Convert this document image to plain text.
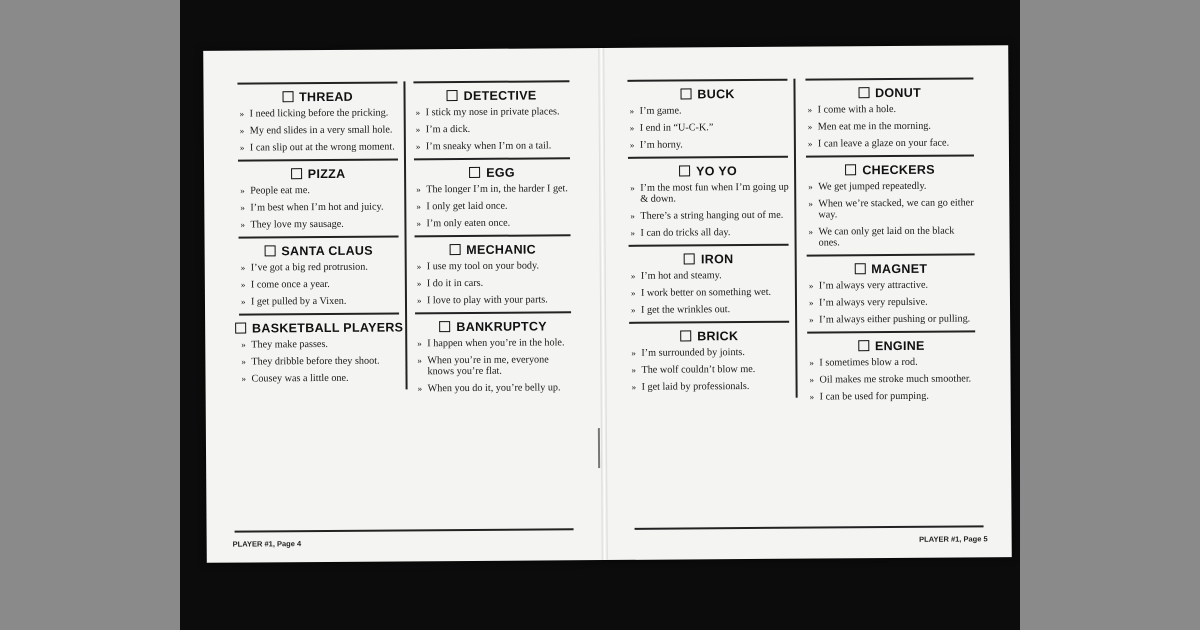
THREAD
» I need licking before the pricking.
» My end slides in a very small hole.
» I can slip out at the wrong moment.
PIZZA
» People eat me.
» I’m best when I’m hot and juicy.
» They love my sausage.
SANTA CLAUS
» I’ve got a big red protrusion.
» I come once a year.
» I get pulled by a Vixen.
BASKETBALL PLAYERS
» They make passes.
» They dribble before they shoot.
» Cousey was a little one.
DETECTIVE
» I stick my nose in private places.
» I’m a dick.
» I’m sneaky when I’m on a tail.
EGG
» The longer I’m in, the harder I get.
» I only get laid once.
» I’m only eaten once.
MECHANIC
» I use my tool on your body.
» I do it in cars.
» I love to play with your parts.
BANKRUPTCY
» I happen when you’re in the hole.
» When you’re in me, everyone knows you’re flat.
» When you do it, you’re belly up.
PLAYER #1, Page 4
BUCK
» I’m game.
» I end in “U-C-K.”
» I’m horny.
YO YO
» I’m the most fun when I’m going up & down.
» There’s a string hanging out of me.
» I can do tricks all day.
IRON
» I’m hot and steamy.
» I work better on something wet.
» I get the wrinkles out.
BRICK
» I’m surrounded by joints.
» The wolf couldn’t blow me.
» I get laid by professionals.
DONUT
» I come with a hole.
» Men eat me in the morning.
» I can leave a glaze on your face.
CHECKERS
» We get jumped repeatedly.
» When we’re stacked, we can go either way.
» We can only get laid on the black ones.
MAGNET
» I’m always very attractive.
» I’m always very repulsive.
» I’m always either pushing or pulling.
ENGINE
» I sometimes blow a rod.
» Oil makes me stroke much smoother.
» I can be used for pumping.
PLAYER #1, Page 5
